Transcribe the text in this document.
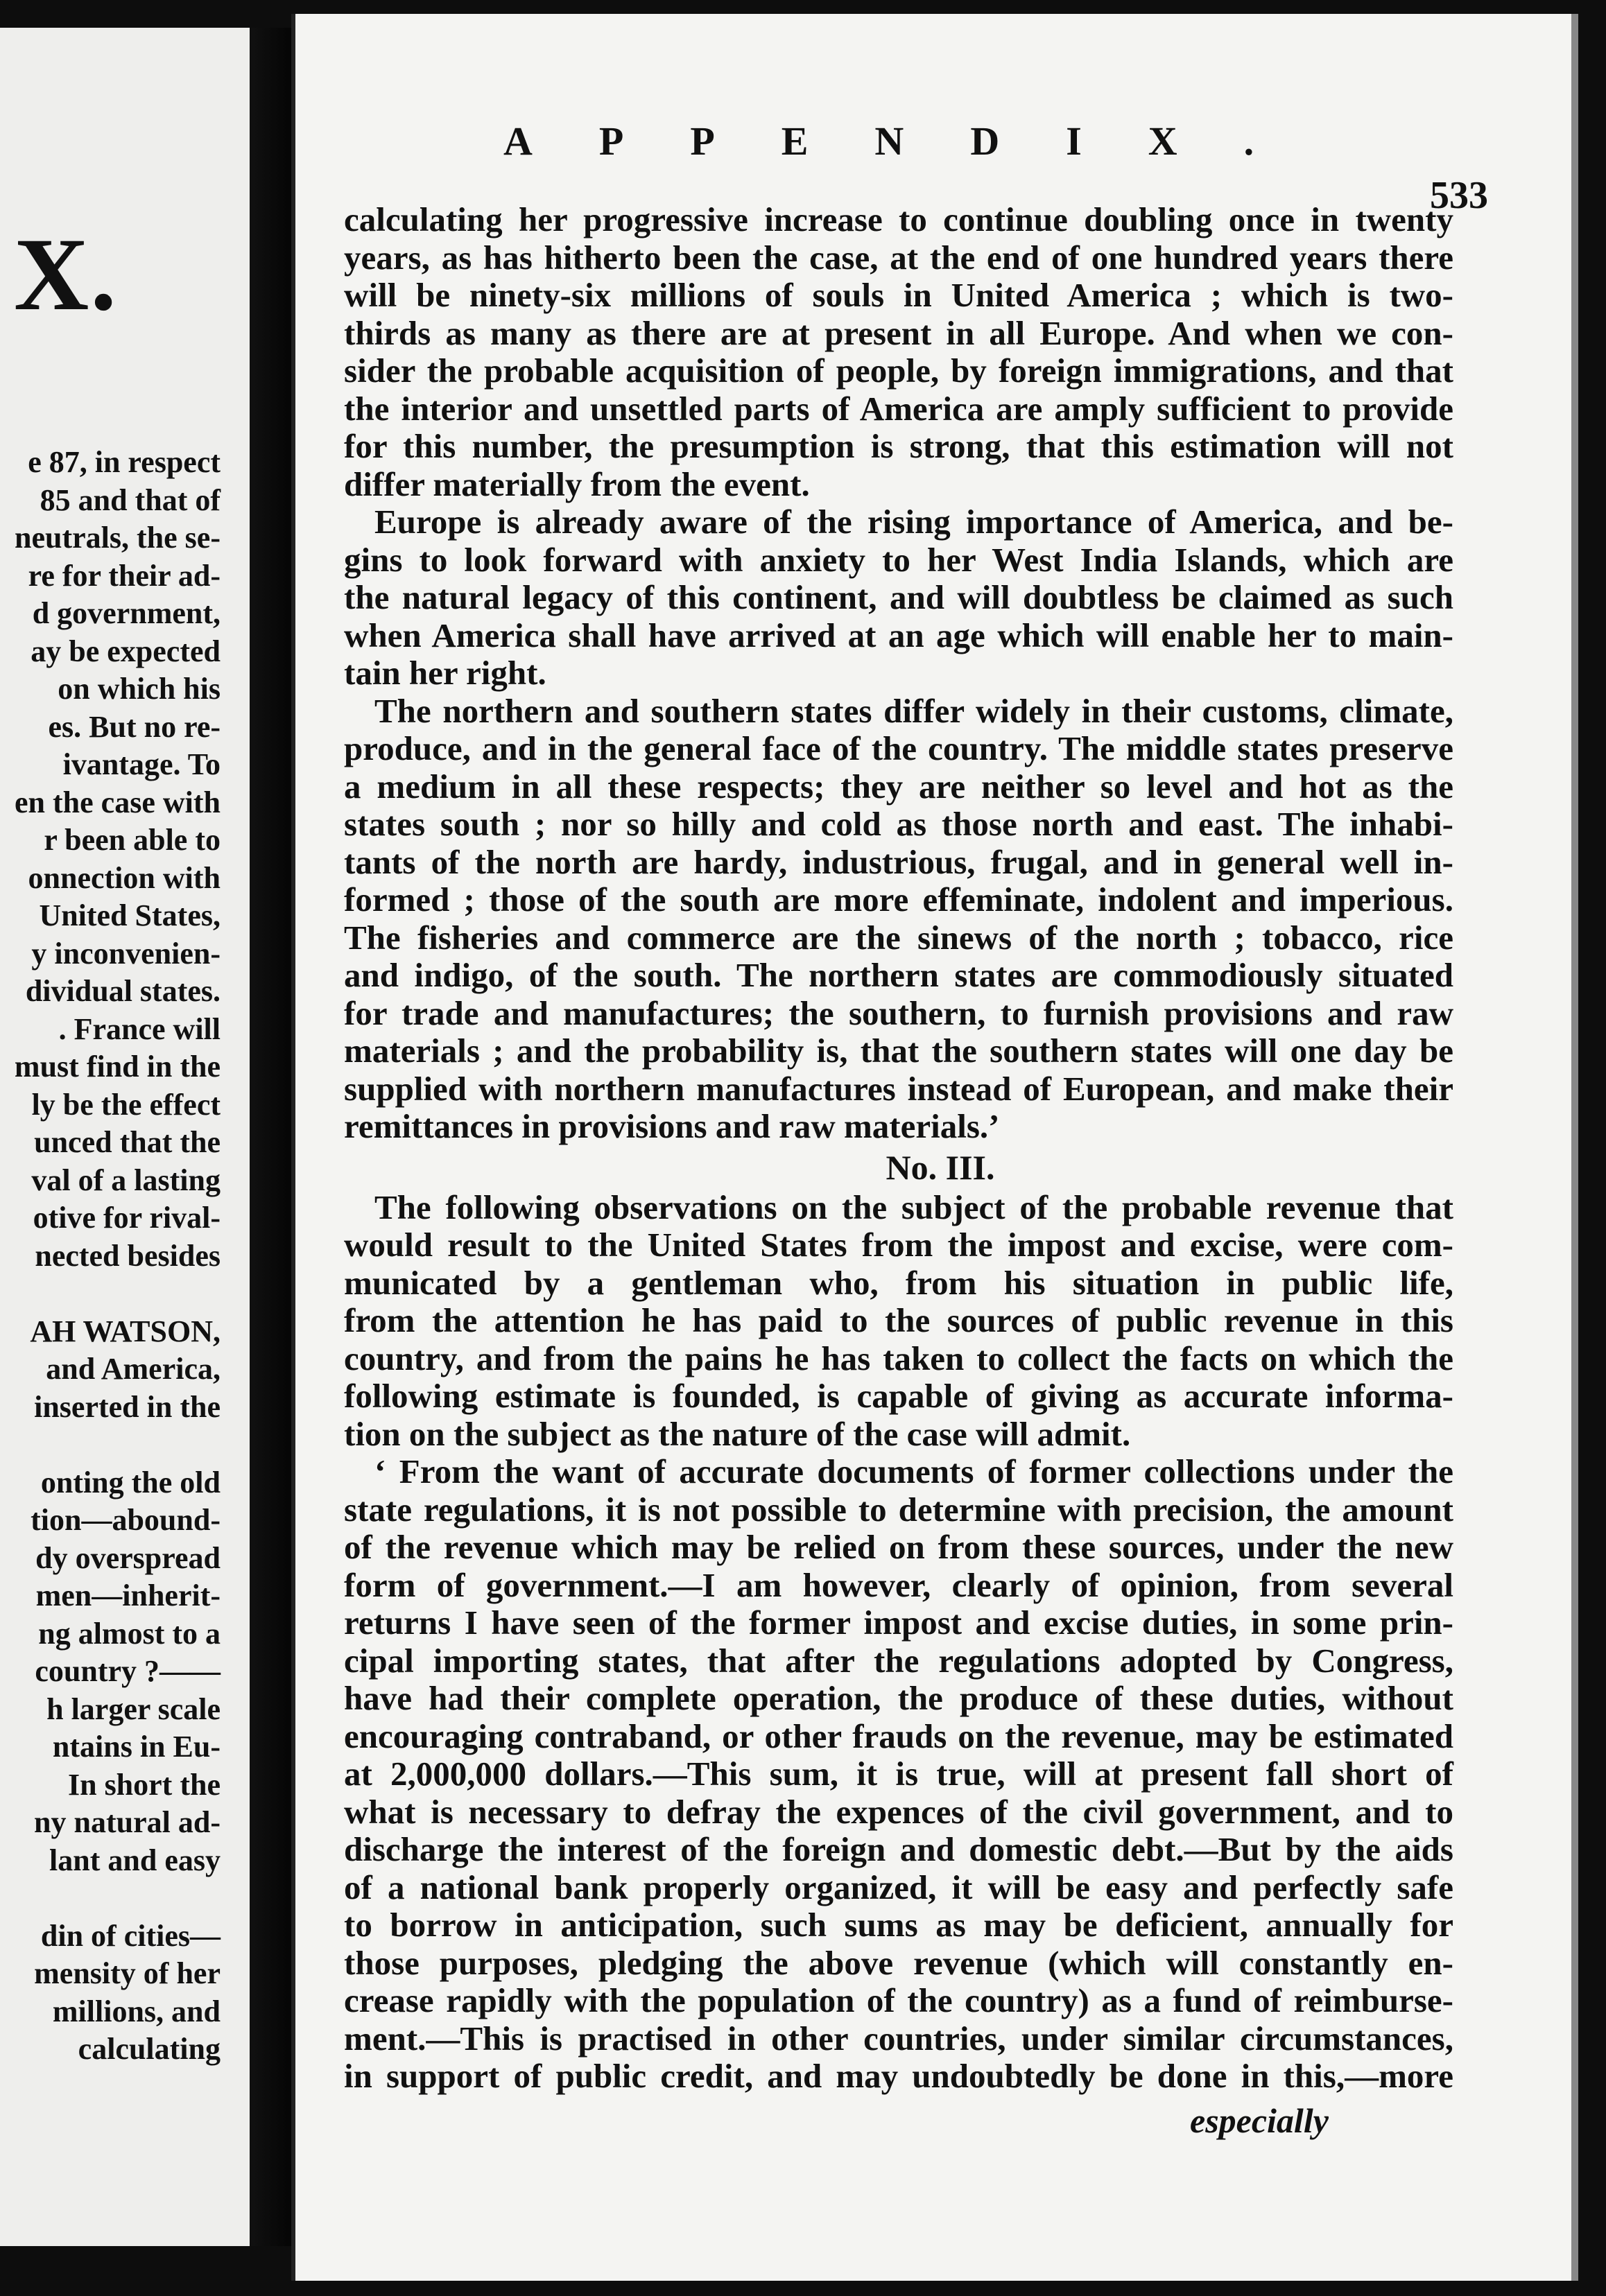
X.
e 87, in respect
85 and that of
neutrals, the se-
re for their ad-
d government,
ay be expected
on which his
es. But no re-
ivantage. To
en the case with
r been able to
onnection with
United States,
y inconvenien-
dividual states.
. France will
must find in the
ly be the effect
unced that the
val of a lasting
otive for rival-
nected besides
AH WATSON,
and America,
inserted in the
onting the old
tion—abound-
dy overspread
men—inherit-
ng almost to a
country ?——
h larger scale
ntains in Eu-
In short the
ny natural ad-
lant and easy
din of cities—
mensity of her
millions, and
calculating
APPENDIX.
533
calculating her progressive increase to continue doubling once in twenty
years, as has hitherto been the case, at the end of one hundred years there
will be ninety-six millions of souls in United America ; which is two-
thirds as many as there are at present in all Europe. And when we con-
sider the probable acquisition of people, by foreign immigrations, and that
the interior and unsettled parts of America are amply sufficient to provide
for this number, the presumption is strong, that this estimation will not
differ materially from the event.
Europe is already aware of the rising importance of America, and be-
gins to look forward with anxiety to her West India Islands, which are
the natural legacy of this continent, and will doubtless be claimed as such
when America shall have arrived at an age which will enable her to main-
tain her right.
The northern and southern states differ widely in their customs, climate,
produce, and in the general face of the country. The middle states preserve
a medium in all these respects; they are neither so level and hot as the
states south ; nor so hilly and cold as those north and east. The inhabi-
tants of the north are hardy, industrious, frugal, and in general well in-
formed ; those of the south are more effeminate, indolent and imperious.
The fisheries and commerce are the sinews of the north ; tobacco, rice
and indigo, of the south. The northern states are commodiously situated
for trade and manufactures; the southern, to furnish provisions and raw
materials ; and the probability is, that the southern states will one day be
supplied with northern manufactures instead of European, and make their
remittances in provisions and raw materials.’
No. III.
The following observations on the subject of the probable revenue that
would result to the United States from the impost and excise, were com-
municated by a gentleman who, from his situation in public life,
from the attention he has paid to the sources of public revenue in this
country, and from the pains he has taken to collect the facts on which the
following estimate is founded, is capable of giving as accurate informa-
tion on the subject as the nature of the case will admit.
‘ From the want of accurate documents of former collections under the
state regulations, it is not possible to determine with precision, the amount
of the revenue which may be relied on from these sources, under the new
form of government.—I am however, clearly of opinion, from several
returns I have seen of the former impost and excise duties, in some prin-
cipal importing states, that after the regulations adopted by Congress,
have had their complete operation, the produce of these duties, without
encouraging contraband, or other frauds on the revenue, may be estimated
at 2,000,000 dollars.—This sum, it is true, will at present fall short of
what is necessary to defray the expences of the civil government, and to
discharge the interest of the foreign and domestic debt.—But by the aids
of a national bank properly organized, it will be easy and perfectly safe
to borrow in anticipation, such sums as may be deficient, annually for
those purposes, pledging the above revenue (which will constantly en-
crease rapidly with the population of the country) as a fund of reimburse-
ment.—This is practised in other countries, under similar circumstances,
in support of public credit, and may undoubtedly be done in this,—more
especially
